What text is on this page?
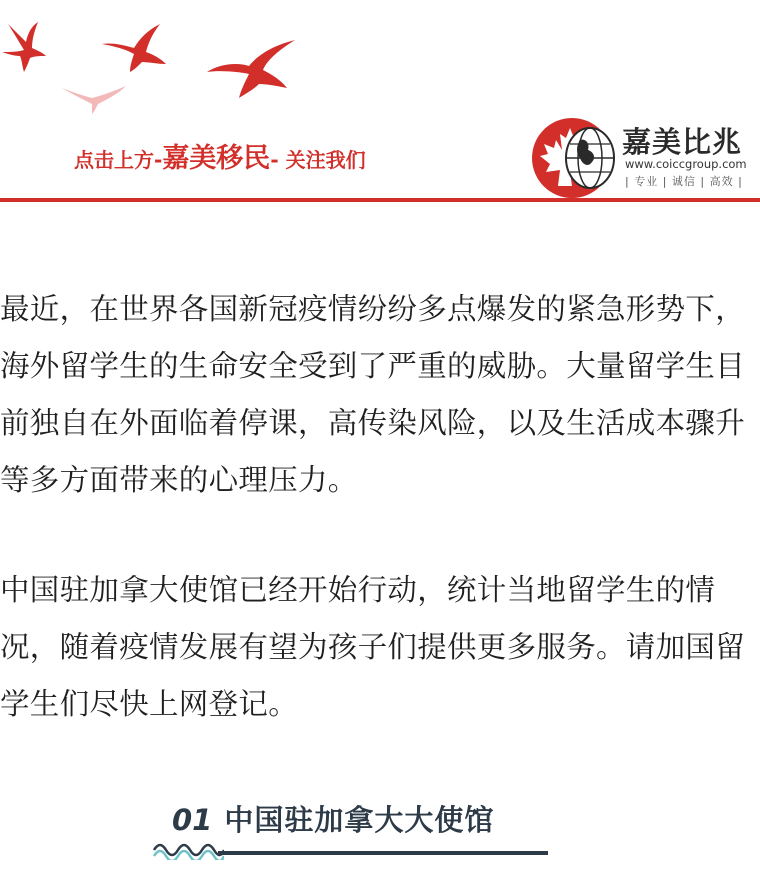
点击上方-嘉美移民- 关注我们
嘉美比兆
www.coiccgroup.com
| 专业 | 诚信 | 高效 |

最近，在世界各国新冠疫情纷纷多点爆发的紧急形势下，海外留学生的生命安全受到了严重的威胁。大量留学生目前独自在外面临着停课，高传染风险，以及生活成本骤升等多方面带来的心理压力。

中国驻加拿大使馆已经开始行动，统计当地留学生的情况，随着疫情发展有望为孩子们提供更多服务。请加国留学生们尽快上网登记。

01 中国驻加拿大大使馆
